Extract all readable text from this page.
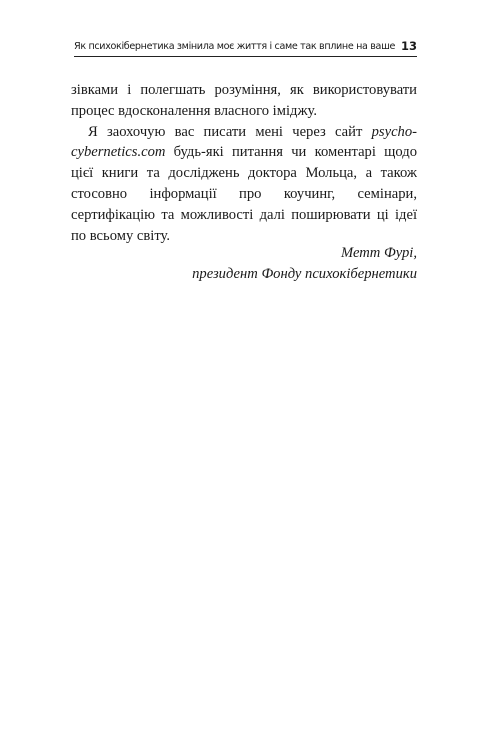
Як психокібернетика змінила моє життя і саме так вплине на ваше 13

зівками і полегшать розуміння, як використовувати процес вдосконалення власного іміджу.

Я заохочую вас писати мені через сайт psycho-cybernetics.com будь-які питання чи коментарі щодо цієї книги та досліджень доктора Мольца, а також стосовно інформації про коучинг, семінари, сертифікацію та можливості далі поширювати ці ідеї по всьому світу.

Метт Фурі,
президент Фонду психокібернетики
